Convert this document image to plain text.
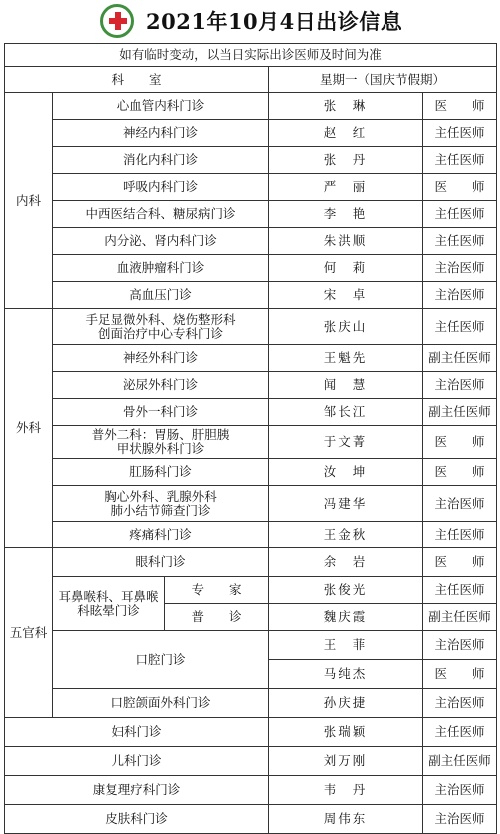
2021年10月4日出诊信息
如有临时变动，以当日实际出诊医师及时间为准				
科　　室			星期一（国庆节假期）	
内科	心血管内科门诊		张　琳	医　　师
	神经内科门诊		赵　红	主任医师
	消化内科门诊		张　丹	主任医师
	呼吸内科门诊		严　丽	医　　师
	中西医结合科、糖尿病门诊		李　艳	主任医师
	内分泌、肾内科门诊		朱洪顺	主任医师
	血液肿瘤科门诊		何　莉	主治医师
	高血压门诊		宋　卓	主治医师
外科	手足显微外科、烧伤整形科
创面治疗中心专科门诊		张庆山	主任医师
	神经外科门诊		王魁先	副主任医师
	泌尿外科门诊		闻　慧	主治医师
	骨外一科门诊		邹长江	副主任医师

	普外二科：胃肠、肝胆胰
甲状腺外科门诊		于文菁	医　　师
	肛肠科门诊		汝　坤	医　　师

	胸心外科、乳腺外科
肺小结节筛查门诊		冯建华	主治医师
	疼痛科门诊		王金秋	主任医师
五官科	眼科门诊		余　岩	医　　师

	耳鼻喉科、耳鼻喉
科眩晕门诊	专　　家	张俊光	主任医师
		普　　诊	魏庆霞	副主任医师
	口腔门诊		王　菲	主治医师
			马纯杰	医　　师
	口腔颌面外科门诊		孙庆捷	主治医师
妇科门诊			张瑞颖	主任医师
儿科门诊			刘万刚	副主任医师
康复理疗科门诊			韦　丹	主治医师
皮肤科门诊			周伟东	主治医师
